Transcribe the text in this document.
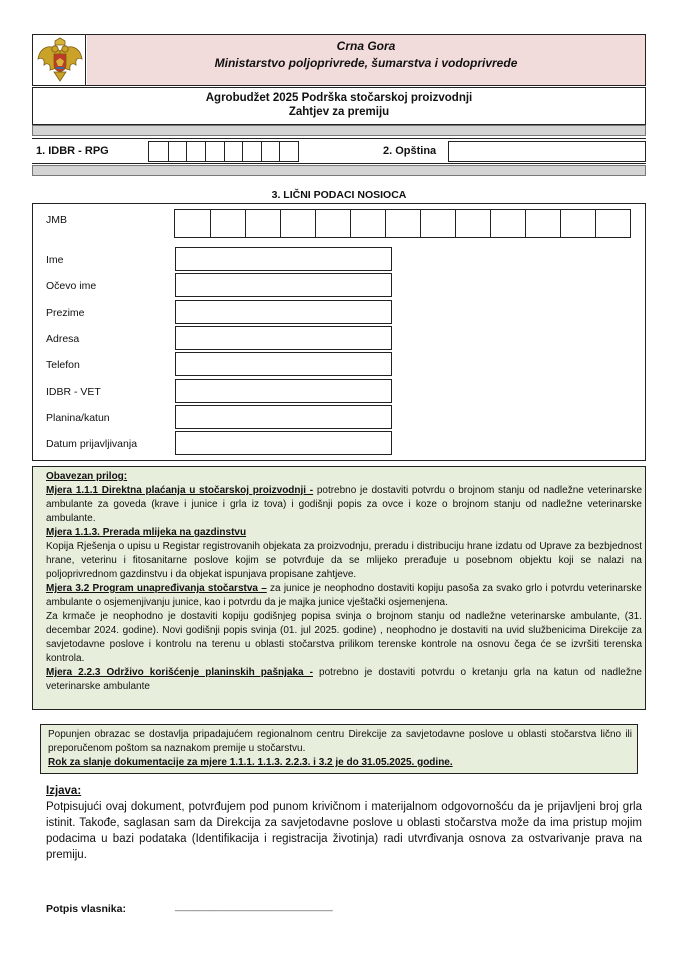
Crna Gora
Ministarstvo poljoprivrede, šumarstva i vodoprivrede
Agrobudžet 2025 Podrška stočarskoj proizvodnji
Zahtjev za premiju
1. IDBR - RPG	2. Opština
3. LIČNI PODACI NOSIOCA
JMB
Ime
Očevo ime
Prezime
Adresa
Telefon
IDBR - VET
Planina/katun
Datum prijavljivanja
Obavezan prilog:
Mjera 1.1.1 Direktna plaćanja u stočarskoj proizvodnji - potrebno je dostaviti potvrdu o brojnom stanju od nadležne veterinarske ambulante za goveda (krave i junice i grla iz tova) i godišnji popis za ovce i koze o brojnom stanju od nadležne veterinarske ambulante.
Mjera 1.1.3. Prerada mlijeka na gazdinstvu
Kopija Rješenja o upisu u Registar registrovanih objekata za proizvodnju, preradu i distribuciju hrane izdatu od Uprave za bezbjednost hrane, veterinu i fitosanitarne poslove kojim se potvrđuje da se mlijeko prerađuje u posebnom objektu koji se nalazi na poljoprivrednom gazdinstvu i da objekat ispunjava propisane zahtjeve.
Mjera 3.2 Program unapređivanja stočarstva – za junice je neophodno dostaviti kopiju pasoša za svako grlo i potvrdu veterinarske ambulante o osjemenjivanju junice, kao i potvrdu da je majka junice vještački osjemenjena.
Za krmače je neophodno je dostaviti kopiju godišnjeg popisa svinja o brojnom stanju od nadležne veterinarske ambulante, (31. decembar 2024. godine). Novi godišnji popis svinja (01. jul 2025. godine) , neophodno je dostaviti na uvid službenicima Direkcije za savjetodavne poslove i kontrolu na terenu u oblasti stočarstva prilikom terenske kontrole na osnovu čega će se izvršiti terenska kontrola.
Mjera 2.2.3 Održivo korišćenje planinskih pašnjaka - potrebno je dostaviti potvrdu o kretanju grla na katun od nadležne veterinarske ambulante
Popunjen obrazac se dostavlja pripadajućem regionalnom centru Direkcije za savjetodavne poslove u oblasti stočarstva lično ili preporučenom poštom sa naznakom premije u stočarstvu.
Rok za slanje dokumentacije za mjere 1.1.1. 1.1.3. 2.2.3. i 3.2 je do 31.05.2025. godine.
Izjava:
Potpisujući ovaj dokument, potvrđujem pod punom krivičnom i materijalnom odgovornošću da je prijavljeni broj grla istinit. Takođe, saglasan sam da Direkcija za savjetodavne poslove u oblasti stočarstva može da ima pristup mojim podacima u bazi podataka (Identifikacija i registracija životinja) radi utvrđivanja osnova za ostvarivanje prava na premiju.
Potpis vlasnika:	___________________________
